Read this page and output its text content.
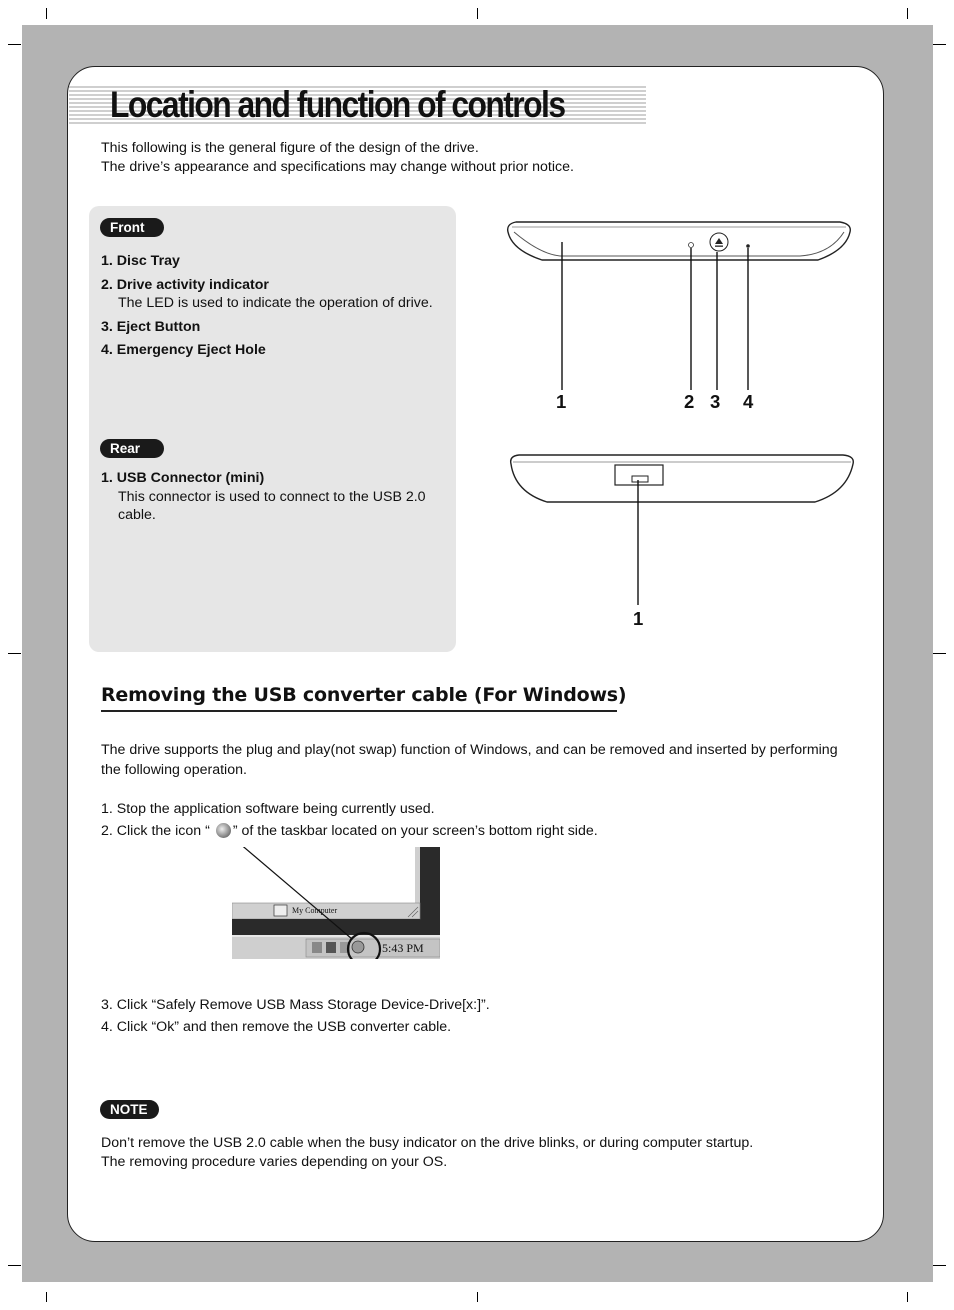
Location and function of controls

This following is the general figure of the design of the drive.

The drive’s appearance and specifications may change without prior notice.

Front
1. Disc Tray
2. Drive activity indicator
The LED is used to indicate the operation of drive.
3. Eject Button
4. Emergency Eject Hole
Rear
1. USB Connector (mini)
This connector is used to connect to the USB 2.0 cable.
1	2 3 4
1
Removing the USB converter cable (For Windows)

The drive supports the plug and play(not swap) function of Windows, and can be removed and inserted by performing the following operation.

1. Stop the application software being currently used.

2. Click the icon “ ” of the taskbar located on your screen’s bottom right side.

My Computer
5:43 PM

3. Click “Safely Remove USB Mass Storage Device-Drive[x:]”.

4. Click “Ok” and then remove the USB converter cable.

NOTE

Don’t remove the USB 2.0 cable when the busy indicator on the drive blinks, or during computer startup.

The removing procedure varies depending on your OS.
